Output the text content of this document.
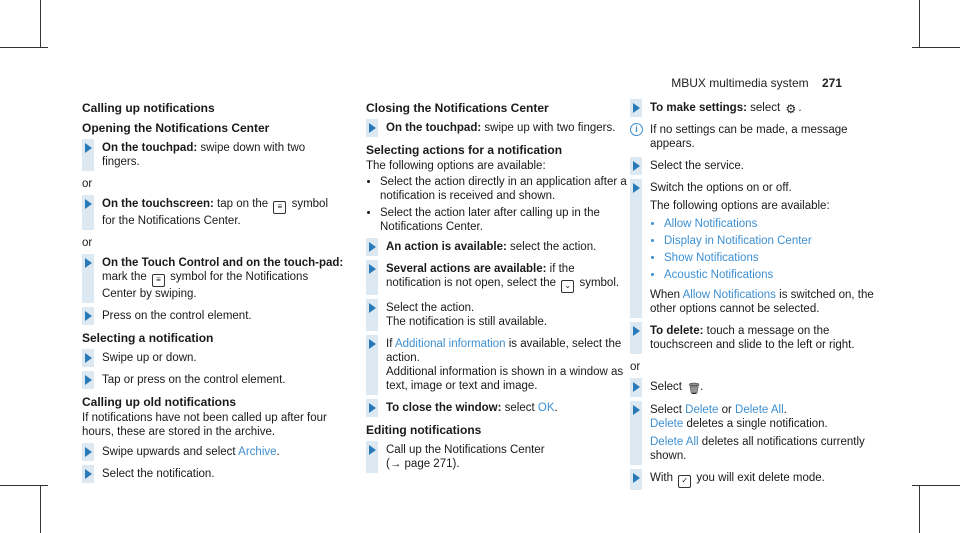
MBUX multimedia system 271
Calling up notifications
Opening the Notifications Center
On the touchpad: swipe down with two fingers.
or
On the touchscreen: tap on the ≡ symbol for the Notifications Center.
or
On the Touch Control and on the touch-pad: mark the ≡ symbol for the Notifications Center by swiping.
Press on the control element.
Selecting a notification
Swipe up or down.
Tap or press on the control element.
Calling up old notifications

If notifications have not been called up after four hours, these are stored in the archive.

Swipe upwards and select Archive.
Select the notification.
Closing the Notifications Center
On the touchpad: swipe up with two fingers.
Selecting actions for a notification

The following options are available:

• Select the action directly in an application after a notification is received and shown.
• Select the action later after calling up in the Notifications Center.
An action is available: select the action.
Several actions are available: if the notification is not open, select the ⌄ symbol.
Select the action.
The notification is still available.
If Additional information is available, select the action.
Additional information is shown in a window as text, image or text and image.
To close the window: select OK.
Editing notifications
Call up the Notifications Center
(→ page 271).
To make settings: select ⚙ .
i	If no settings can be made, a message appears.
Select the service.
Switch the options on or off.
The following options are available:
• Allow Notifications
• Display in Notification Center
• Show Notifications
• Acoustic Notifications
When Allow Notifications is switched on, the other options cannot be selected.
To delete: touch a message on the touchscreen and slide to the left or right.
or
Select 🗑.
Select Delete or Delete All.
Delete deletes a single notification.
Delete All deletes all notifications currently shown.
With ✓ you will exit delete mode.
